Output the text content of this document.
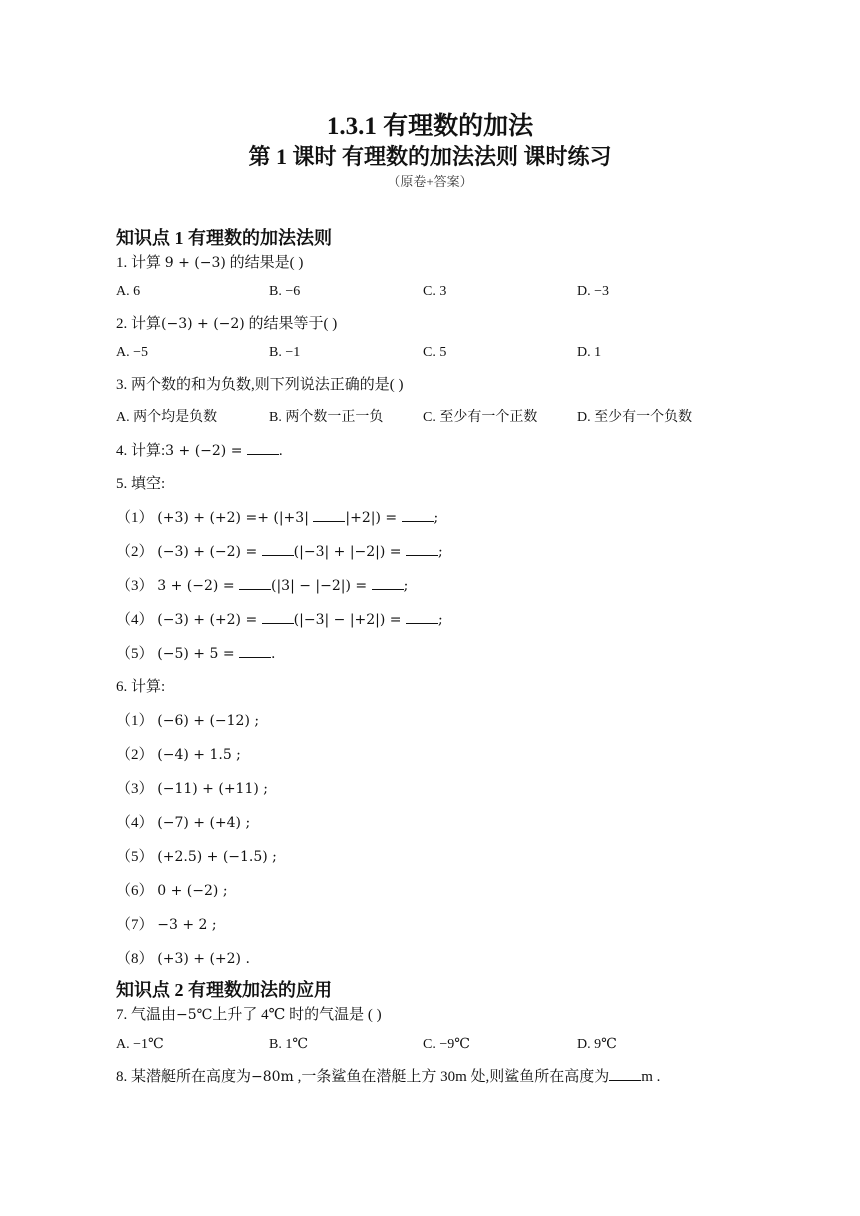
1.3.1 有理数的加法
第 1 课时 有理数的加法法则 课时练习
（原卷+答案）
知识点 1 有理数的加法法则
1. 计算 9 + (−3) 的结果是( )
A. 6	B. −6	C. 3	D. −3
2. 计算(−3) + (−2) 的结果等于( )
A. −5	B. −1	C. 5	D. 1
3. 两个数的和为负数,则下列说法正确的是( )
A. 两个均是负数	B. 两个数一正一负	C. 至少有一个正数	D. 至少有一个负数
4. 计算:3 + (−2) = .
5. 填空:
（1） (+3) + (+2) =+ (|+3| |+2|) = ;
（2） (−3) + (−2) = (|−3| + |−2|) = ;
（3） 3 + (−2) = (|3| − |−2|) = ;
（4） (−3) + (+2) = (|−3| − |+2|) = ;
（5） (−5) + 5 = .
6. 计算:
（1） (−6) + (−12) ;
（2） (−4) + 1.5 ;
（3） (−11) + (+11) ;
（4） (−7) + (+4) ;
（5） (+2.5) + (−1.5) ;
（6） 0 + (−2) ;
（7） −3 + 2 ;
（8） (+3) + (+2) .
知识点 2 有理数加法的应用
7. 气温由−5℃上升了 4℃ 时的气温是 ( )
A. −1℃	B. 1℃	C. −9℃	D. 9℃
8. 某潜艇所在高度为−80m ,一条鲨鱼在潜艇上方 30m 处,则鲨鱼所在高度为 m .
